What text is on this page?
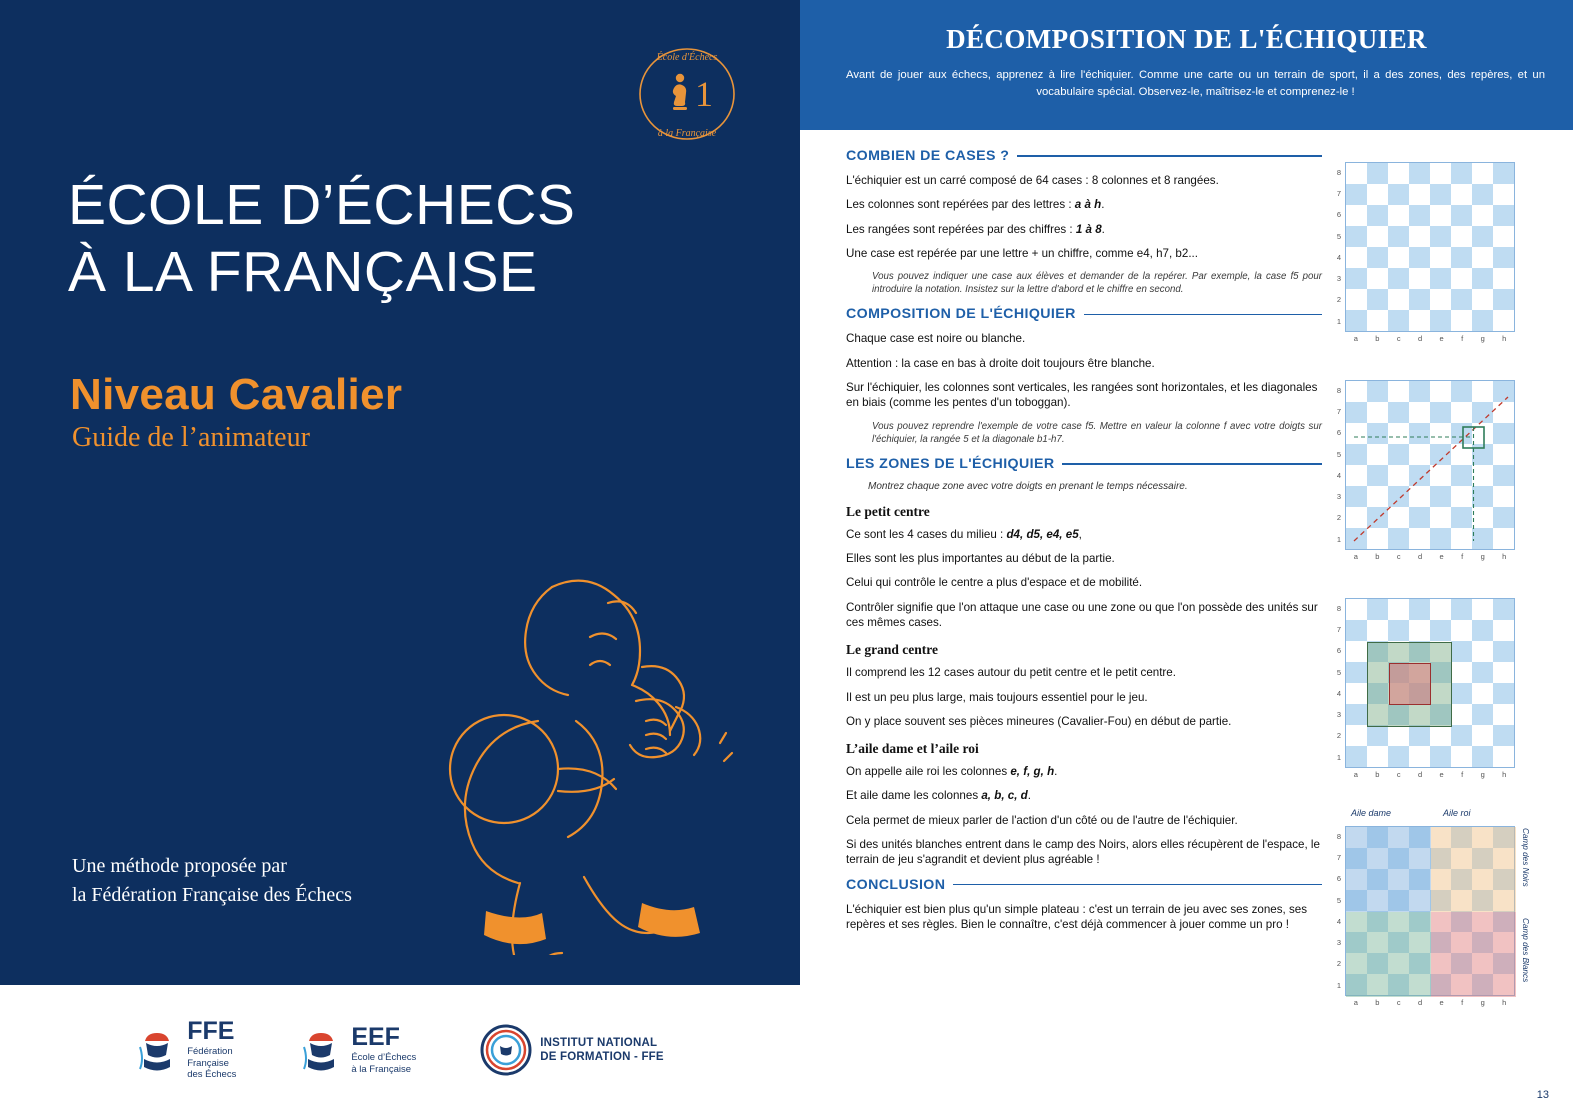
École d'Échecs
à la Française
1
ÉCOLE D’ÉCHECS
À LA FRANÇAISE
Niveau Cavalier
Guide de l’animateur
Une méthode proposée par
la Fédération Française des Échecs
FFE
Fédération
Française
des Échecs
EEF
École d’Échecs
à la Française
INSTITUT NATIONAL
DE FORMATION - FFE
DÉCOMPOSITION DE L'ÉCHIQUIER

Avant de jouer aux échecs, apprenez à lire l'échiquier. Comme une carte ou un terrain de sport, il a des zones, des repères, et un vocabulaire spécial. Observez-le, maîtrisez-le et comprenez-le !

COMBIEN DE CASES ?

L'échiquier est un carré composé de 64 cases : 8 colonnes et 8 rangées.

Les colonnes sont repérées par des lettres : a à h.

Les rangées sont repérées par des chiffres : 1 à 8.

Une case est repérée par une lettre + un chiffre, comme e4, h7, b2...

Vous pouvez indiquer une case aux élèves et demander de la repérer. Par exemple, la case f5 pour introduire la notation. Insistez sur la lettre d'abord et le chiffre en second.

COMPOSITION DE L'ÉCHIQUIER

Chaque case est noire ou blanche.

Attention : la case en bas à droite doit toujours être blanche.

Sur l'échiquier, les colonnes sont verticales, les rangées sont horizontales, et les diagonales en biais (comme les pentes d'un toboggan).

Vous pouvez reprendre l'exemple de votre case f5. Mettre en valeur la colonne f avec votre doigts sur l'échiquier, la rangée 5 et la diagonale b1-h7.

LES ZONES DE L'ÉCHIQUIER

Montrez chaque zone avec votre doigts en prenant le temps nécessaire.

Le petit centre

Ce sont les 4 cases du milieu : d4, d5, e4, e5,

Elles sont les plus importantes au début de la partie.

Celui qui contrôle le centre a plus d'espace et de mobilité.

Contrôler signifie que l'on attaque une case ou une zone ou que l'on possède des unités sur ces mêmes cases.

Le grand centre

Il comprend les 12 cases autour du petit centre et le petit centre.

Il est un peu plus large, mais toujours essentiel pour le jeu.

On y place souvent ses pièces mineures (Cavalier-Fou) en début de partie.

L’aile dame et l’aile roi

On appelle aile roi les colonnes e, f, g, h.

Et aile dame les colonnes a, b, c, d.

Cela permet de mieux parler de l'action d'un côté ou de l'autre de l'échiquier.

Si des unités blanches entrent dans le camp des Noirs, alors elles récupèrent de l'espace, le terrain de jeu s'agrandit et devient plus agréable !

CONCLUSION

L'échiquier est bien plus qu'un simple plateau : c'est un terrain de jeu avec ses zones, ses repères et ses règles. Bien le connaître, c'est déjà commencer à jouer comme un pro !

8
7
6
5
4
3
2
1
a b c d e f g h
8
7
6
5
4
3
2
1
a b c d e f g h
8
7
6
5
4
3
2
1
a b c d e f g h
Aile dame	Aile roi
Camp des Noirs
Camp des Blancs
8
7
6
5
4
3
2
1
a b c d e f g h
13
